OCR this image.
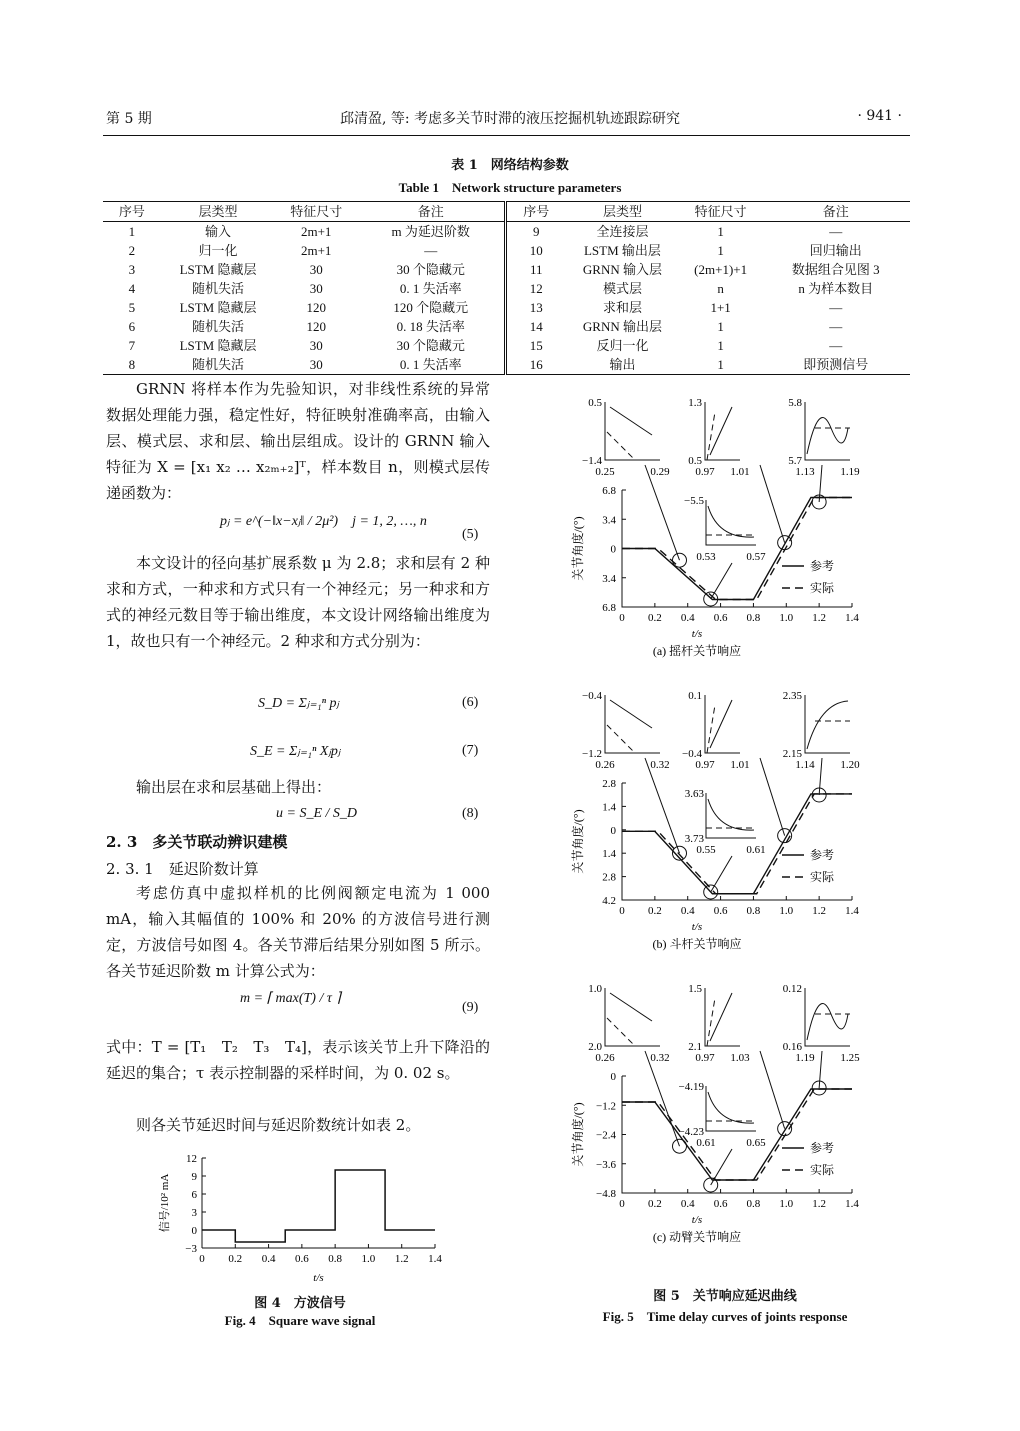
第 5 期	邱清盈, 等: 考虑多关节时滞的液压挖掘机轨迹跟踪研究	· 941 ·
表 1　网络结构参数
Table 1　Network structure parameters
序号	层类型	特征尺寸	备注	序号	层类型	特征尺寸	备注
1	输入	2m+1	m 为延迟阶数	9	全连接层	1	—
2	归一化	2m+1	—	10	LSTM 输出层	1	回归输出
3	LSTM 隐藏层	30	30 个隐藏元	11	GRNN 输入层	(2m+1)+1	数据组合见图 3
4	随机失活	30	0. 1 失活率	12	模式层	n	n 为样本数目
5	LSTM 隐藏层	120	120 个隐藏元	13	求和层	1+1	—
6	随机失活	120	0. 18 失活率	14	GRNN 输出层	1	—
7	LSTM 隐藏层	30	30 个隐藏元	15	反归一化	1	—
8	随机失活	30	0. 1 失活率	16	输出	1	即预测信号
GRNN 将样本作为先验知识，对非线性系统的异常数据处理能力强，稳定性好，特征映射准确率高，由输入层、模式层、求和层、输出层组成。设计的 GRNN 输入特征为 X = [x₁ x₂ … x₂ₘ₊₂]ᵀ，样本数目 n，则模式层传递函数为：
pⱼ = e^(−‖x−xⱼ‖ / 2μ²)　j = 1, 2, …, n
(5)
本文设计的径向基扩展系数 μ 为 2.8；求和层有 2 种求和方式，一种求和方式只有一个神经元；另一种求和方式的神经元数目等于输出维度，本文设计网络输出维度为 1，故也只有一个神经元。2 种求和方式分别为：
S_D = Σⱼ₌₁ⁿ pⱼ	(6)
S_E = Σⱼ₌₁ⁿ Xⱼpⱼ	(7)
输出层在求和层基础上得出：
u = S_E / S_D	(8)
2. 3　多关节联动辨识建模
2. 3. 1　延迟阶数计算
考虑仿真中虚拟样机的比例阀额定电流为 1 000 mA，输入其幅值的 100% 和 20% 的方波信号进行测定，方波信号如图 4。各关节滞后结果分别如图 5 所示。各关节延迟阶数 m 计算公式为：
m = ⌈ max(T) / τ ⌉
(9)
式中：T = [T₁　T₂　T₃　T₄]，表示该关节上升下降沿的延迟的集合；τ 表示控制器的采样时间，为 0. 02 s。
则各关节延迟时间与延迟阶数统计如表 2。
12
9
6
3
0
−3
0 0.2 0.4 0.6 0.8 1.0 1.2 1.4
t/s
信号/10² mA
图 4　方波信号
Fig. 4　Square wave signal
0.5
−1.4
0.25	0.29
1.3
0.5
0.97 1.01
5.8
5.7
1.13 1.19
6.8
3.4
0
3.4
6.8
0 0.2 0.4 0.6 0.8 1.0 1.2 1.4
t/s
关节角度/(°)
(a) 摇杆关节响应
−5.5
0.53	0.57
参考
实际
−0.4
−1.2
0.26	0.32
0.1
−0.4
0.97 1.01
2.35
2.15
1.14 1.20
2.8
1.4
0
1.4
2.8
4.2
0 0.2 0.4 0.6 0.8 1.0 1.2 1.4
t/s
关节角度/(°)
(b) 斗杆关节响应
3.63
3.73
0.55	0.61	参考
实际
1.0
2.0
0.26	0.32
1.5
2.1
0.97 1.03
0.12
0.16
1.19 1.25
0
−1.2
−2.4
−3.6
−4.8
0 0.2 0.4 0.6 0.8 1.0 1.2 1.4
t/s
关节角度/(°)
(c) 动臂关节响应
−4.19
−4.23
0.61	0.65	参考
实际
图 5　关节响应延迟曲线
Fig. 5　Time delay curves of joints response
